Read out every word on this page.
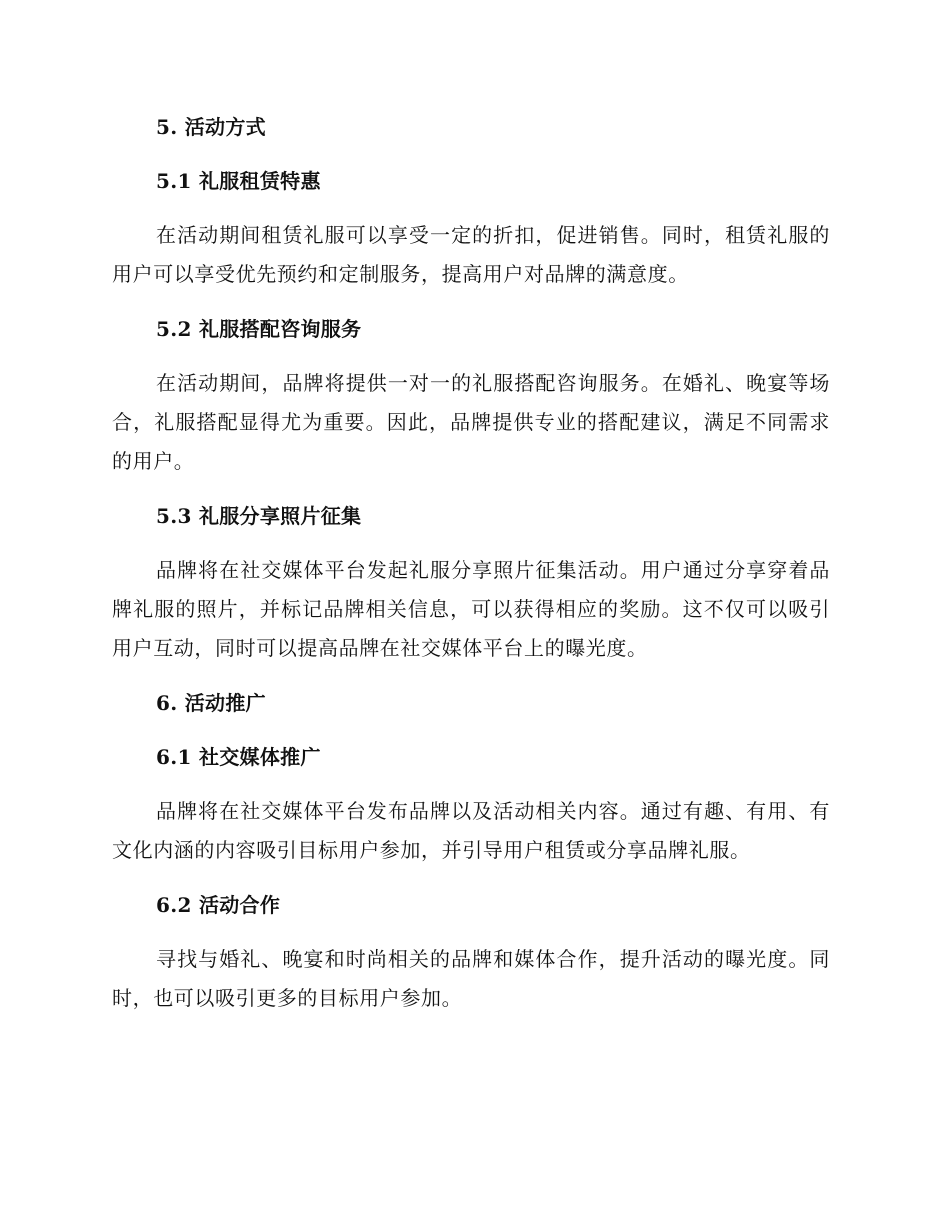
5. 活动方式
5.1 礼服租赁特惠

在活动期间租赁礼服可以享受一定的折扣，促进销售。同时，租赁礼服的用户可以享受优先预约和定制服务，提高用户对品牌的满意度。

5.2 礼服搭配咨询服务

在活动期间，品牌将提供一对一的礼服搭配咨询服务。在婚礼、晚宴等场合，礼服搭配显得尤为重要。因此，品牌提供专业的搭配建议，满足不同需求的用户。

5.3 礼服分享照片征集

品牌将在社交媒体平台发起礼服分享照片征集活动。用户通过分享穿着品牌礼服的照片，并标记品牌相关信息，可以获得相应的奖励。这不仅可以吸引用户互动，同时可以提高品牌在社交媒体平台上的曝光度。

6. 活动推广
6.1 社交媒体推广

品牌将在社交媒体平台发布品牌以及活动相关内容。通过有趣、有用、有文化内涵的内容吸引目标用户参加，并引导用户租赁或分享品牌礼服。

6.2 活动合作

寻找与婚礼、晚宴和时尚相关的品牌和媒体合作，提升活动的曝光度。同时，也可以吸引更多的目标用户参加。
